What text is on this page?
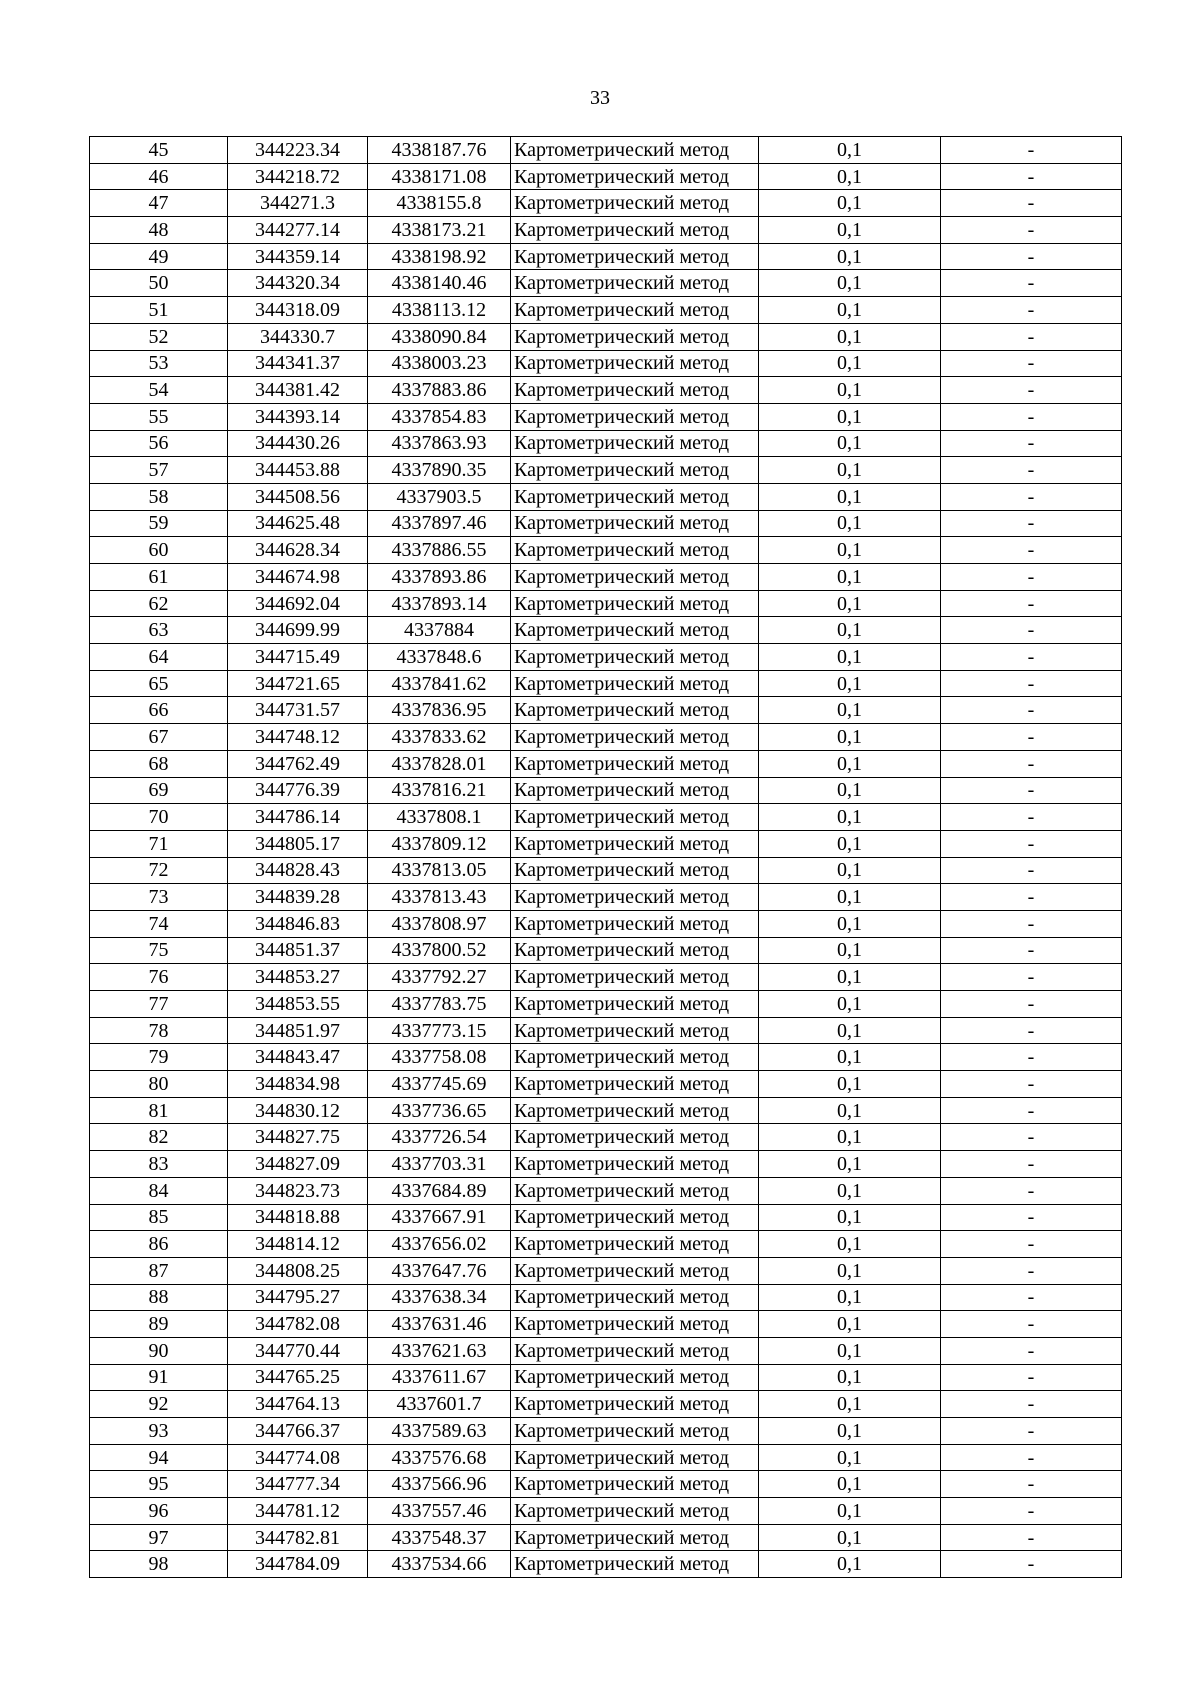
33
45	344223.34	4338187.76	Картометрический метод	0,1	-
46	344218.72	4338171.08	Картометрический метод	0,1	-
47	344271.3	4338155.8	Картометрический метод	0,1	-
48	344277.14	4338173.21	Картометрический метод	0,1	-
49	344359.14	4338198.92	Картометрический метод	0,1	-
50	344320.34	4338140.46	Картометрический метод	0,1	-
51	344318.09	4338113.12	Картометрический метод	0,1	-
52	344330.7	4338090.84	Картометрический метод	0,1	-
53	344341.37	4338003.23	Картометрический метод	0,1	-
54	344381.42	4337883.86	Картометрический метод	0,1	-
55	344393.14	4337854.83	Картометрический метод	0,1	-
56	344430.26	4337863.93	Картометрический метод	0,1	-
57	344453.88	4337890.35	Картометрический метод	0,1	-
58	344508.56	4337903.5	Картометрический метод	0,1	-
59	344625.48	4337897.46	Картометрический метод	0,1	-
60	344628.34	4337886.55	Картометрический метод	0,1	-
61	344674.98	4337893.86	Картометрический метод	0,1	-
62	344692.04	4337893.14	Картометрический метод	0,1	-
63	344699.99	4337884	Картометрический метод	0,1	-
64	344715.49	4337848.6	Картометрический метод	0,1	-
65	344721.65	4337841.62	Картометрический метод	0,1	-
66	344731.57	4337836.95	Картометрический метод	0,1	-
67	344748.12	4337833.62	Картометрический метод	0,1	-
68	344762.49	4337828.01	Картометрический метод	0,1	-
69	344776.39	4337816.21	Картометрический метод	0,1	-
70	344786.14	4337808.1	Картометрический метод	0,1	-
71	344805.17	4337809.12	Картометрический метод	0,1	-
72	344828.43	4337813.05	Картометрический метод	0,1	-
73	344839.28	4337813.43	Картометрический метод	0,1	-
74	344846.83	4337808.97	Картометрический метод	0,1	-
75	344851.37	4337800.52	Картометрический метод	0,1	-
76	344853.27	4337792.27	Картометрический метод	0,1	-
77	344853.55	4337783.75	Картометрический метод	0,1	-
78	344851.97	4337773.15	Картометрический метод	0,1	-
79	344843.47	4337758.08	Картометрический метод	0,1	-
80	344834.98	4337745.69	Картометрический метод	0,1	-
81	344830.12	4337736.65	Картометрический метод	0,1	-
82	344827.75	4337726.54	Картометрический метод	0,1	-
83	344827.09	4337703.31	Картометрический метод	0,1	-
84	344823.73	4337684.89	Картометрический метод	0,1	-
85	344818.88	4337667.91	Картометрический метод	0,1	-
86	344814.12	4337656.02	Картометрический метод	0,1	-
87	344808.25	4337647.76	Картометрический метод	0,1	-
88	344795.27	4337638.34	Картометрический метод	0,1	-
89	344782.08	4337631.46	Картометрический метод	0,1	-
90	344770.44	4337621.63	Картометрический метод	0,1	-
91	344765.25	4337611.67	Картометрический метод	0,1	-
92	344764.13	4337601.7	Картометрический метод	0,1	-
93	344766.37	4337589.63	Картометрический метод	0,1	-
94	344774.08	4337576.68	Картометрический метод	0,1	-
95	344777.34	4337566.96	Картометрический метод	0,1	-
96	344781.12	4337557.46	Картометрический метод	0,1	-
97	344782.81	4337548.37	Картометрический метод	0,1	-
98	344784.09	4337534.66	Картометрический метод	0,1	-
